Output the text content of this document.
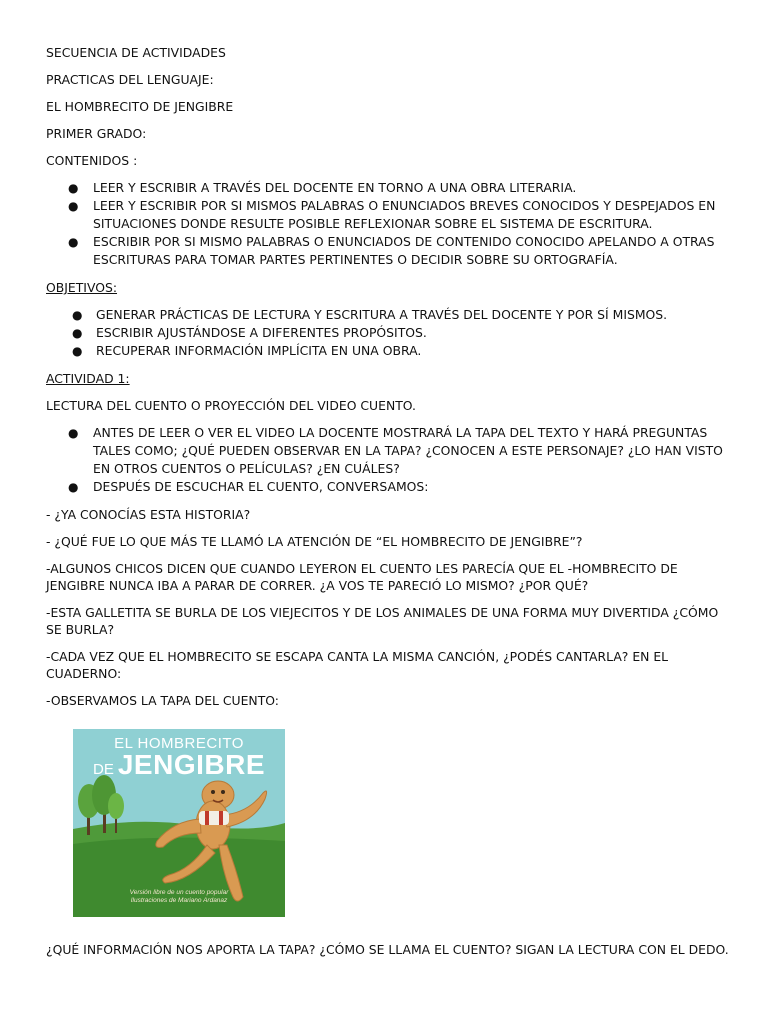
SECUENCIA DE ACTIVIDADES
PRACTICAS DEL LENGUAJE:
EL HOMBRECITO DE JENGIBRE
PRIMER GRADO:
CONTENIDOS :
● LEER Y ESCRIBIR A TRAVÉS DEL DOCENTE EN TORNO A UNA OBRA LITERARIA.
● LEER Y ESCRIBIR POR SI MISMOS PALABRAS O ENUNCIADOS BREVES CONOCIDOS Y DESPEJADOS EN SITUACIONES DONDE RESULTE POSIBLE REFLEXIONAR SOBRE EL SISTEMA DE ESCRITURA.
● ESCRIBIR POR SI MISMO PALABRAS O ENUNCIADOS DE CONTENIDO CONOCIDO APELANDO A OTRAS ESCRITURAS PARA TOMAR PARTES PERTINENTES O DECIDIR SOBRE SU ORTOGRAFÍA.
OBJETIVOS:
● GENERAR PRÁCTICAS DE LECTURA Y ESCRITURA A TRAVÉS DEL DOCENTE Y POR SÍ MISMOS.
● ESCRIBIR AJUSTÁNDOSE A DIFERENTES PROPÓSITOS.
● RECUPERAR INFORMACIÓN IMPLÍCITA EN UNA OBRA.
ACTIVIDAD 1:
LECTURA DEL CUENTO O PROYECCIÓN DEL VIDEO CUENTO.
● ANTES DE LEER O VER EL VIDEO LA DOCENTE MOSTRARÁ LA TAPA DEL TEXTO Y HARÁ PREGUNTAS TALES COMO; ¿QUÉ PUEDEN OBSERVAR EN LA TAPA? ¿CONOCEN A ESTE PERSONAJE? ¿LO HAN VISTO EN OTROS CUENTOS O PELÍCULAS? ¿EN CUÁLES?
● DESPUÉS DE ESCUCHAR EL CUENTO, CONVERSAMOS:
- ¿YA CONOCÍAS ESTA HISTORIA?
- ¿QUÉ FUE LO QUE MÁS TE LLAMÓ LA ATENCIÓN DE “EL HOMBRECITO DE JENGIBRE”?
-ALGUNOS CHICOS DICEN QUE CUANDO LEYERON EL CUENTO LES PARECÍA QUE EL -HOMBRECITO DE JENGIBRE NUNCA IBA A PARAR DE CORRER. ¿A VOS TE PARECIÓ LO MISMO? ¿POR QUÉ?
-ESTA GALLETITA SE BURLA DE LOS VIEJECITOS Y DE LOS ANIMALES DE UNA FORMA MUY DIVERTIDA ¿CÓMO SE BURLA?
-CADA VEZ QUE EL HOMBRECITO SE ESCAPA CANTA LA MISMA CANCIÓN, ¿PODÉS CANTARLA? EN EL CUADERNO:
-OBSERVAMOS LA TAPA DEL CUENTO:
EL HOMBRECITO
DE JENGIBRE
Versión libre de un cuento popular
Ilustraciones de Mariano Ardanaz
¿QUÉ INFORMACIÓN NOS APORTA LA TAPA? ¿CÓMO SE LLAMA EL CUENTO? SIGAN LA LECTURA CON EL DEDO.
